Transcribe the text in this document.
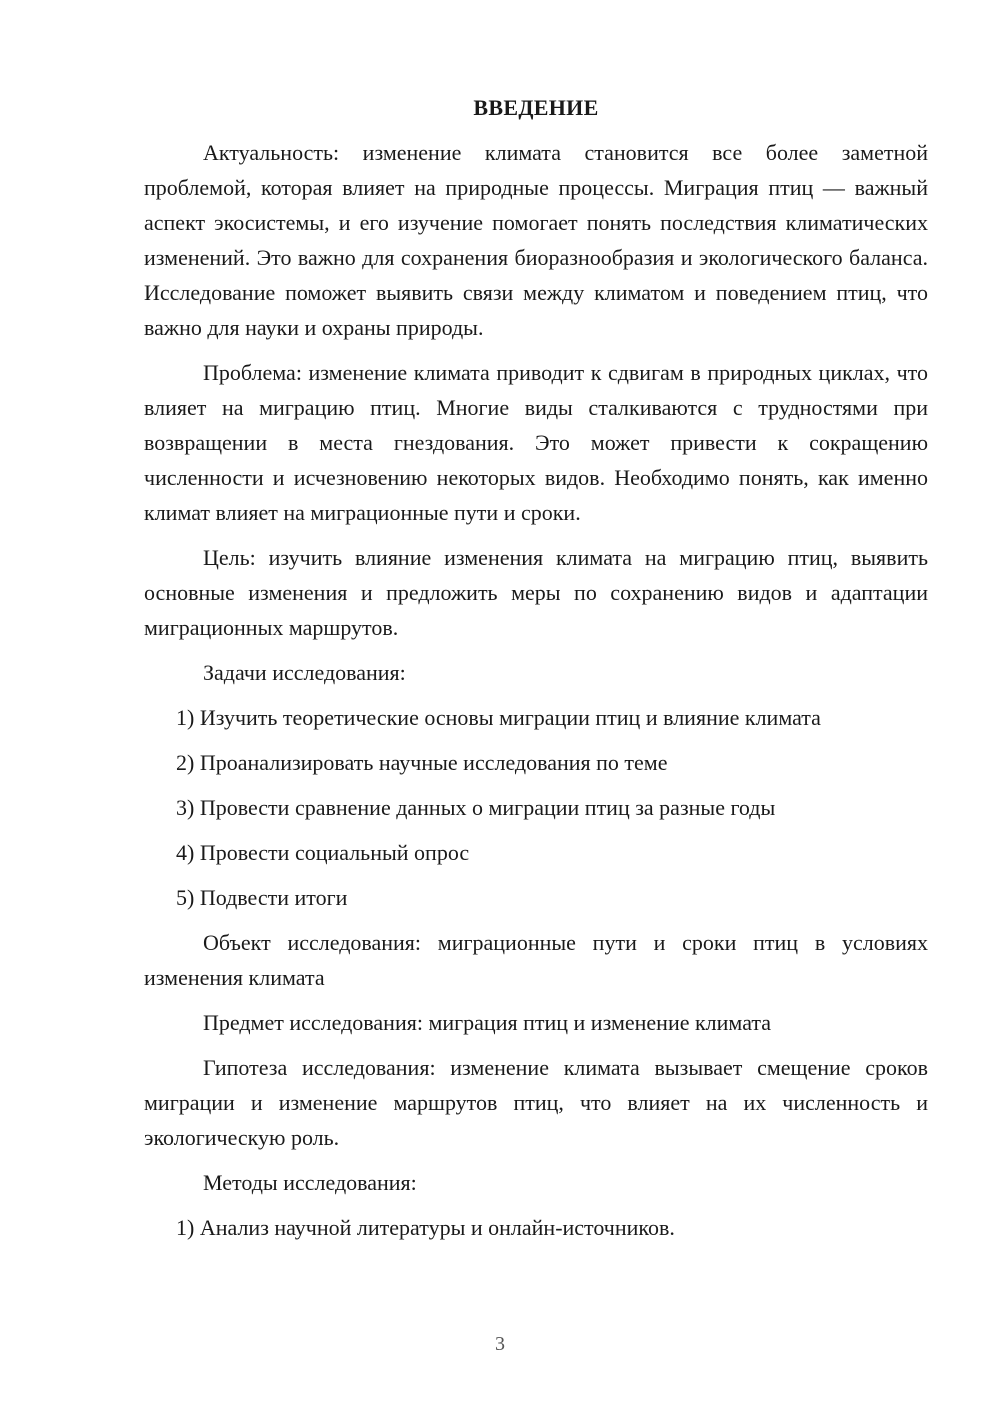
ВВЕДЕНИЕ

Актуальность: изменение климата становится все более заметной проблемой, которая влияет на природные процессы. Миграция птиц — важный аспект экосистемы, и его изучение помогает понять последствия климатических изменений. Это важно для сохранения биоразнообразия и экологического баланса. Исследование поможет выявить связи между климатом и поведением птиц, что важно для науки и охраны природы.

Проблема: изменение климата приводит к сдвигам в природных циклах, что влияет на миграцию птиц. Многие виды сталкиваются с трудностями при возвращении в места гнездования. Это может привести к сокращению численности и исчезновению некоторых видов. Необходимо понять, как именно климат влияет на миграционные пути и сроки.

Цель: изучить влияние изменения климата на миграцию птиц, выявить основные изменения и предложить меры по сохранению видов и адаптации миграционных маршрутов.

Задачи исследования:

1) Изучить теоретические основы миграции птиц и влияние климата

2) Проанализировать научные исследования по теме

3) Провести сравнение данных о миграции птиц за разные годы

4) Провести социальный опрос

5) Подвести итоги

Объект исследования: миграционные пути и сроки птиц в условиях изменения климата

Предмет исследования: миграция птиц и изменение климата

Гипотеза исследования: изменение климата вызывает смещение сроков миграции и изменение маршрутов птиц, что влияет на их численность и экологическую роль.

Методы исследования:

1) Анализ научной литературы и онлайн-источников.

3
